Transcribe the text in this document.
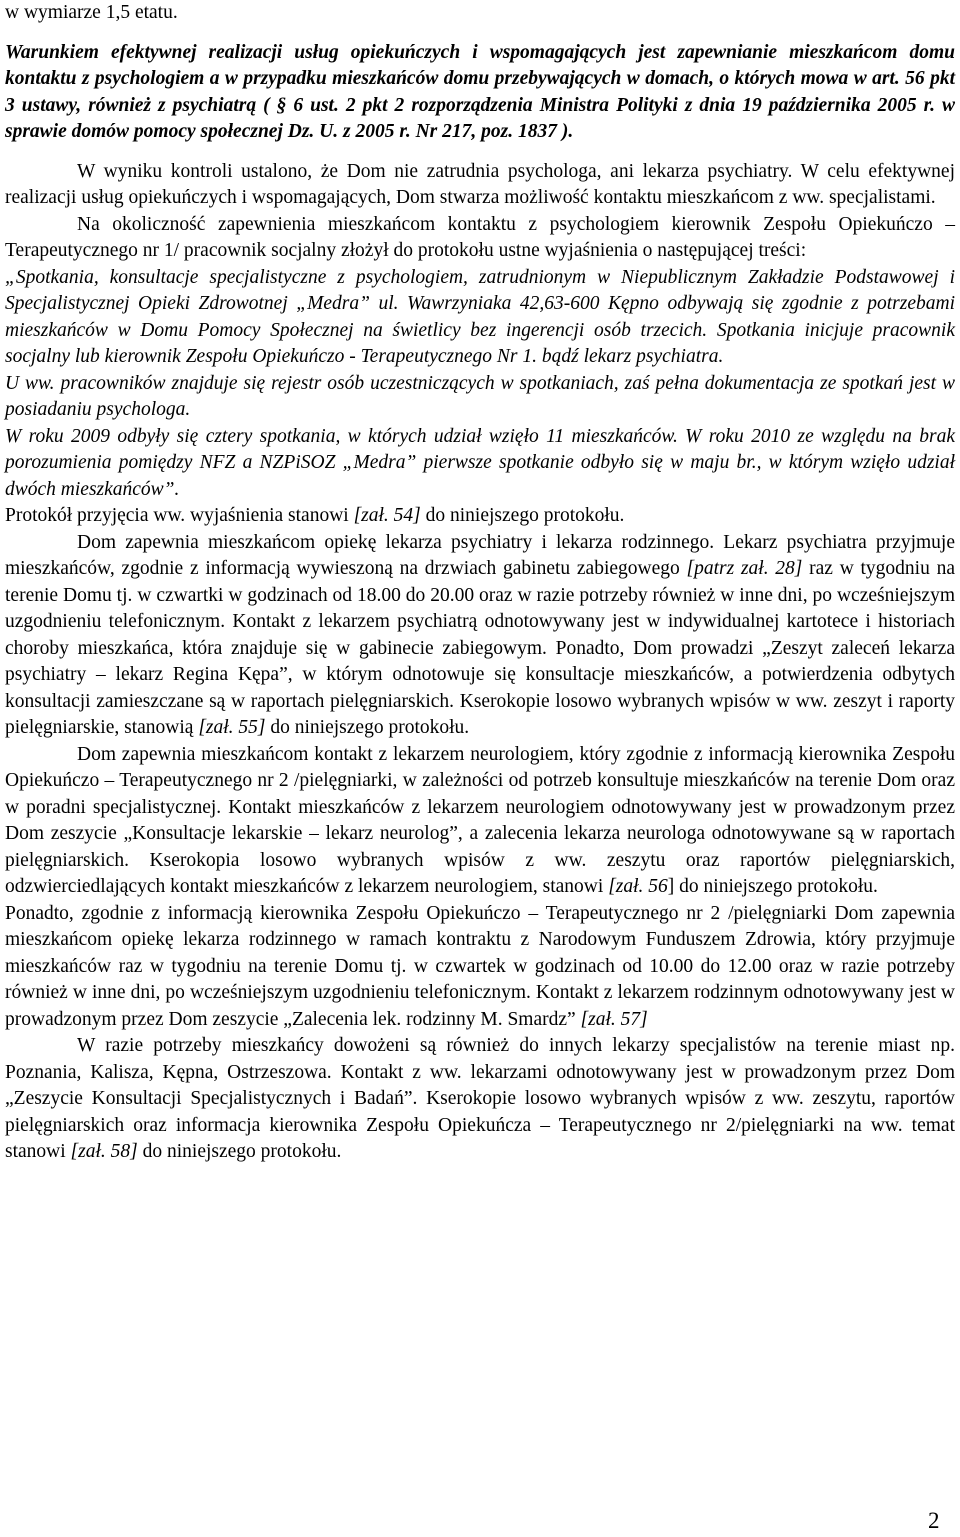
w wymiarze 1,5 etatu.

Warunkiem efektywnej realizacji usług opiekuńczych i wspomagających jest zapewnianie mieszkańcom domu kontaktu z psychologiem a w przypadku mieszkańców domu przebywających w domach, o których mowa w art. 56 pkt 3 ustawy, również z psychiatrą ( § 6 ust. 2 pkt 2 rozporządzenia Ministra Polityki z dnia 19 października 2005 r. w sprawie domów pomocy społecznej Dz. U. z 2005 r. Nr 217, poz. 1837 ).

W wyniku kontroli ustalono, że Dom nie zatrudnia psychologa, ani lekarza psychiatry. W celu efektywnej realizacji usług opiekuńczych i wspomagających, Dom stwarza możliwość kontaktu mieszkańcom z ww. specjalistami.

Na okoliczność zapewnienia mieszkańcom kontaktu z psychologiem kierownik Zespołu Opiekuńczo – Terapeutycznego nr 1/ pracownik socjalny złożył do protokołu ustne wyjaśnienia o następującej treści:

„Spotkania, konsultacje specjalistyczne z psychologiem, zatrudnionym w Niepublicznym Zakładzie Podstawowej i Specjalistycznej Opieki Zdrowotnej „Medra” ul. Wawrzyniaka 42,63-600 Kępno odbywają się zgodnie z potrzebami mieszkańców w Domu Pomocy Społecznej na świetlicy bez ingerencji osób trzecich. Spotkania inicjuje pracownik socjalny lub kierownik Zespołu Opiekuńczo - Terapeutycznego Nr 1. bądź lekarz psychiatra.

U ww. pracowników znajduje się rejestr osób uczestniczących w spotkaniach, zaś pełna dokumentacja ze spotkań jest w posiadaniu psychologa.

W roku 2009 odbyły się cztery spotkania, w których udział wzięło 11 mieszkańców. W roku 2010 ze względu na brak porozumienia pomiędzy NFZ a NZPiSOZ „Medra” pierwsze spotkanie odbyło się w maju br., w którym wzięło udział dwóch mieszkańców”.

Protokół przyjęcia ww. wyjaśnienia stanowi [zał. 54] do niniejszego protokołu.

Dom zapewnia mieszkańcom opiekę lekarza psychiatry i lekarza rodzinnego. Lekarz psychiatra przyjmuje mieszkańców, zgodnie z informacją wywieszoną na drzwiach gabinetu zabiegowego [patrz zał. 28] raz w tygodniu na terenie Domu tj. w czwartki w godzinach od 18.00 do 20.00 oraz w razie potrzeby również w inne dni, po wcześniejszym uzgodnieniu telefonicznym. Kontakt z lekarzem psychiatrą odnotowywany jest w indywidualnej kartotece i historiach choroby mieszkańca, która znajduje się w gabinecie zabiegowym. Ponadto, Dom prowadzi „Zeszyt zaleceń lekarza psychiatry – lekarz Regina Kępa”, w którym odnotowuje się konsultacje mieszkańców, a potwierdzenia odbytych konsultacji zamieszczane są w raportach pielęgniarskich. Kserokopie losowo wybranych wpisów w ww. zeszyt i raporty pielęgniarskie, stanowią [zał. 55] do niniejszego protokołu.

Dom zapewnia mieszkańcom kontakt z lekarzem neurologiem, który zgodnie z informacją kierownika Zespołu Opiekuńczo – Terapeutycznego nr 2 /pielęgniarki, w zależności od potrzeb konsultuje mieszkańców na terenie Dom oraz w poradni specjalistycznej. Kontakt mieszkańców z lekarzem neurologiem odnotowywany jest w prowadzonym przez Dom zeszycie „Konsultacje lekarskie – lekarz neurolog”, a zalecenia lekarza neurologa odnotowywane są w raportach pielęgniarskich. Kserokopia losowo wybranych wpisów z ww. zeszytu oraz raportów pielęgniarskich, odzwierciedlających kontakt mieszkańców z lekarzem neurologiem, stanowi [zał. 56] do niniejszego protokołu.

Ponadto, zgodnie z informacją kierownika Zespołu Opiekuńczo – Terapeutycznego nr 2 /pielęgniarki Dom zapewnia mieszkańcom opiekę lekarza rodzinnego w ramach kontraktu z Narodowym Funduszem Zdrowia, który przyjmuje mieszkańców raz w tygodniu na terenie Domu tj. w czwartek w godzinach od 10.00 do 12.00 oraz w razie potrzeby również w inne dni, po wcześniejszym uzgodnieniu telefonicznym. Kontakt z lekarzem rodzinnym odnotowywany jest w prowadzonym przez Dom zeszycie „Zalecenia lek. rodzinny M. Smardz” [zał. 57]

W razie potrzeby mieszkańcy dowożeni są również do innych lekarzy specjalistów na terenie miast np. Poznania, Kalisza, Kępna, Ostrzeszowa. Kontakt z ww. lekarzami odnotowywany jest w prowadzonym przez Dom „Zeszycie Konsultacji Specjalistycznych i Badań”. Kserokopie losowo wybranych wpisów z ww. zeszytu, raportów pielęgniarskich oraz informacja kierownika Zespołu Opiekuńcza – Terapeutycznego nr 2/pielęgniarki na ww. temat stanowi [zał. 58] do niniejszego protokołu.

2
